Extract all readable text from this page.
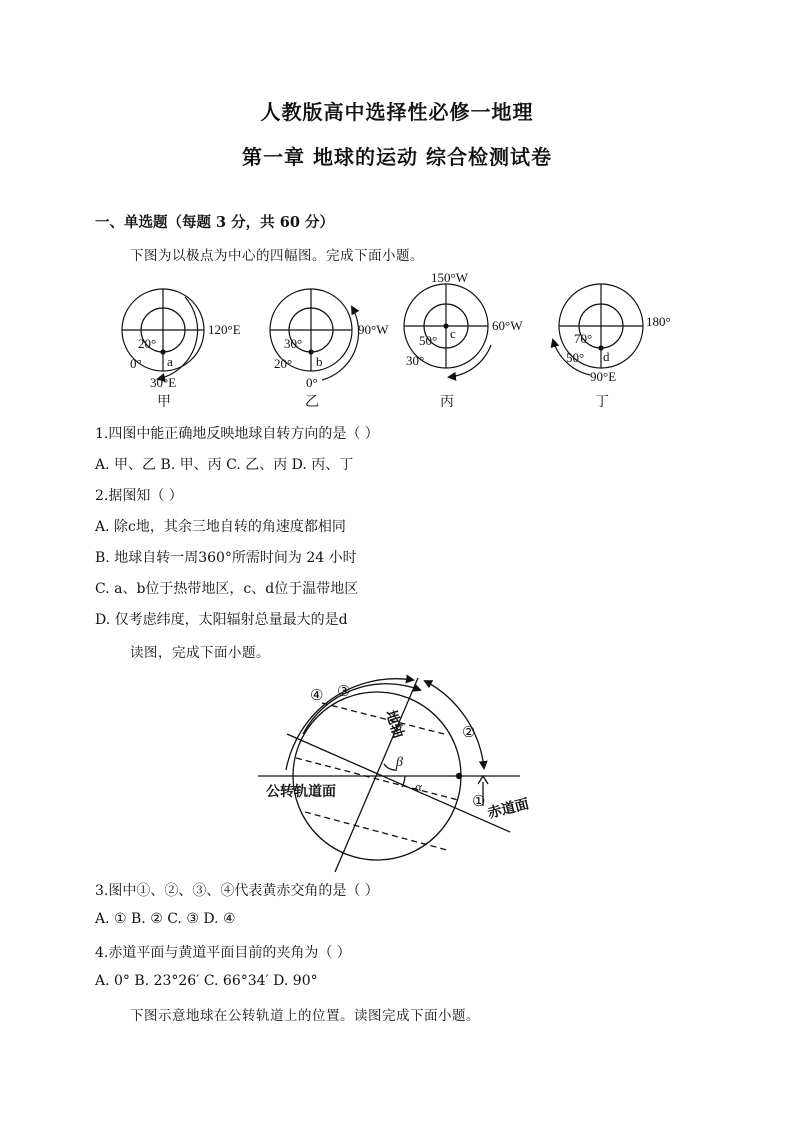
人教版高中选择性必修一地理
第一章 地球的运动 综合检测试卷
一、单选题（每题 3 分，共 60 分）
下图为以极点为中心的四幅图。完成下面小题。
20°
0°
120°E
30°E
a
甲
30°
20°
90°W
0°
b
乙
150°W
60°W
c
50°
30°
丙
180°
70°
50° d
90°E
丁
1.四图中能正确地反映地球自转方向的是（ ）
A. 甲、乙 B. 甲、丙 C. 乙、丙 D. 丙、丁
2.据图知（ ）
A. 除c地，其余三地自转的角速度都相同
B. 地球自转一周360°所需时间为 24 小时
C. a、b位于热带地区，c、d位于温带地区
D. 仅考虑纬度，太阳辐射总量最大的是d
读图，完成下面小题。
④ ③
②
①
β
α
公转轨道面
地轴
赤道面
3.图中①、②、③、④代表黄赤交角的是（ ）
A. ① B. ② C. ③ D. ④
4.赤道平面与黄道平面目前的夹角为（ ）
A. 0° B. 23°26′ C. 66°34′ D. 90°
下图示意地球在公转轨道上的位置。读图完成下面小题。
